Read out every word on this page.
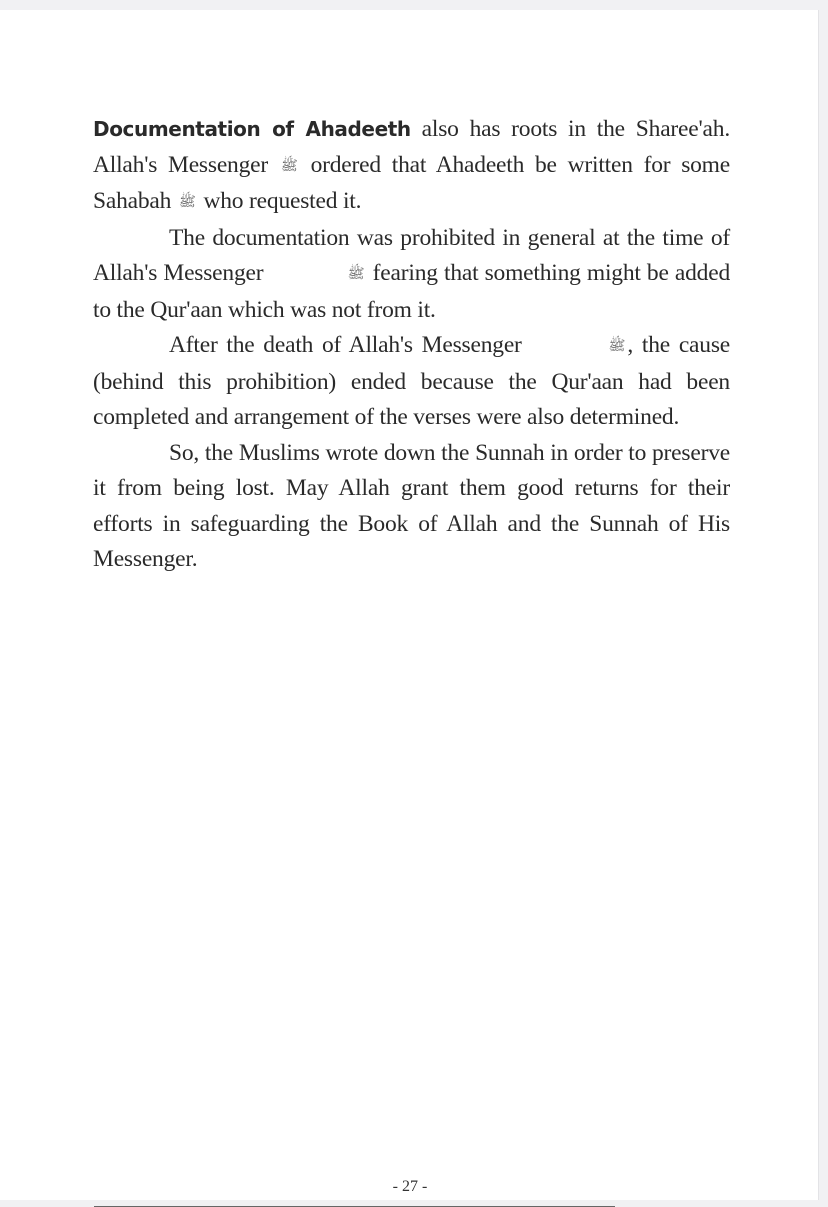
Documentation of Ahadeeth also has roots in the Sharee'ah. Allah's Messenger ﷺ ordered that Ahadeeth be written for some Sahabah ﷺ who requested it.

The documentation was prohibited in general at the time of Allah's Messenger	ﷺ fearing that something might be added to the Qur'aan which was not from it.

After the death of Allah's Messenger	ﷺ, the cause (behind this prohibition) ended because the Qur'aan had been completed and arrangement of the verses were also determined.

So, the Muslims wrote down the Sunnah in order to preserve it from being lost. May Allah grant them good returns for their efforts in safeguarding the Book of Allah and the Sunnah of His Messenger.

- 27 -
